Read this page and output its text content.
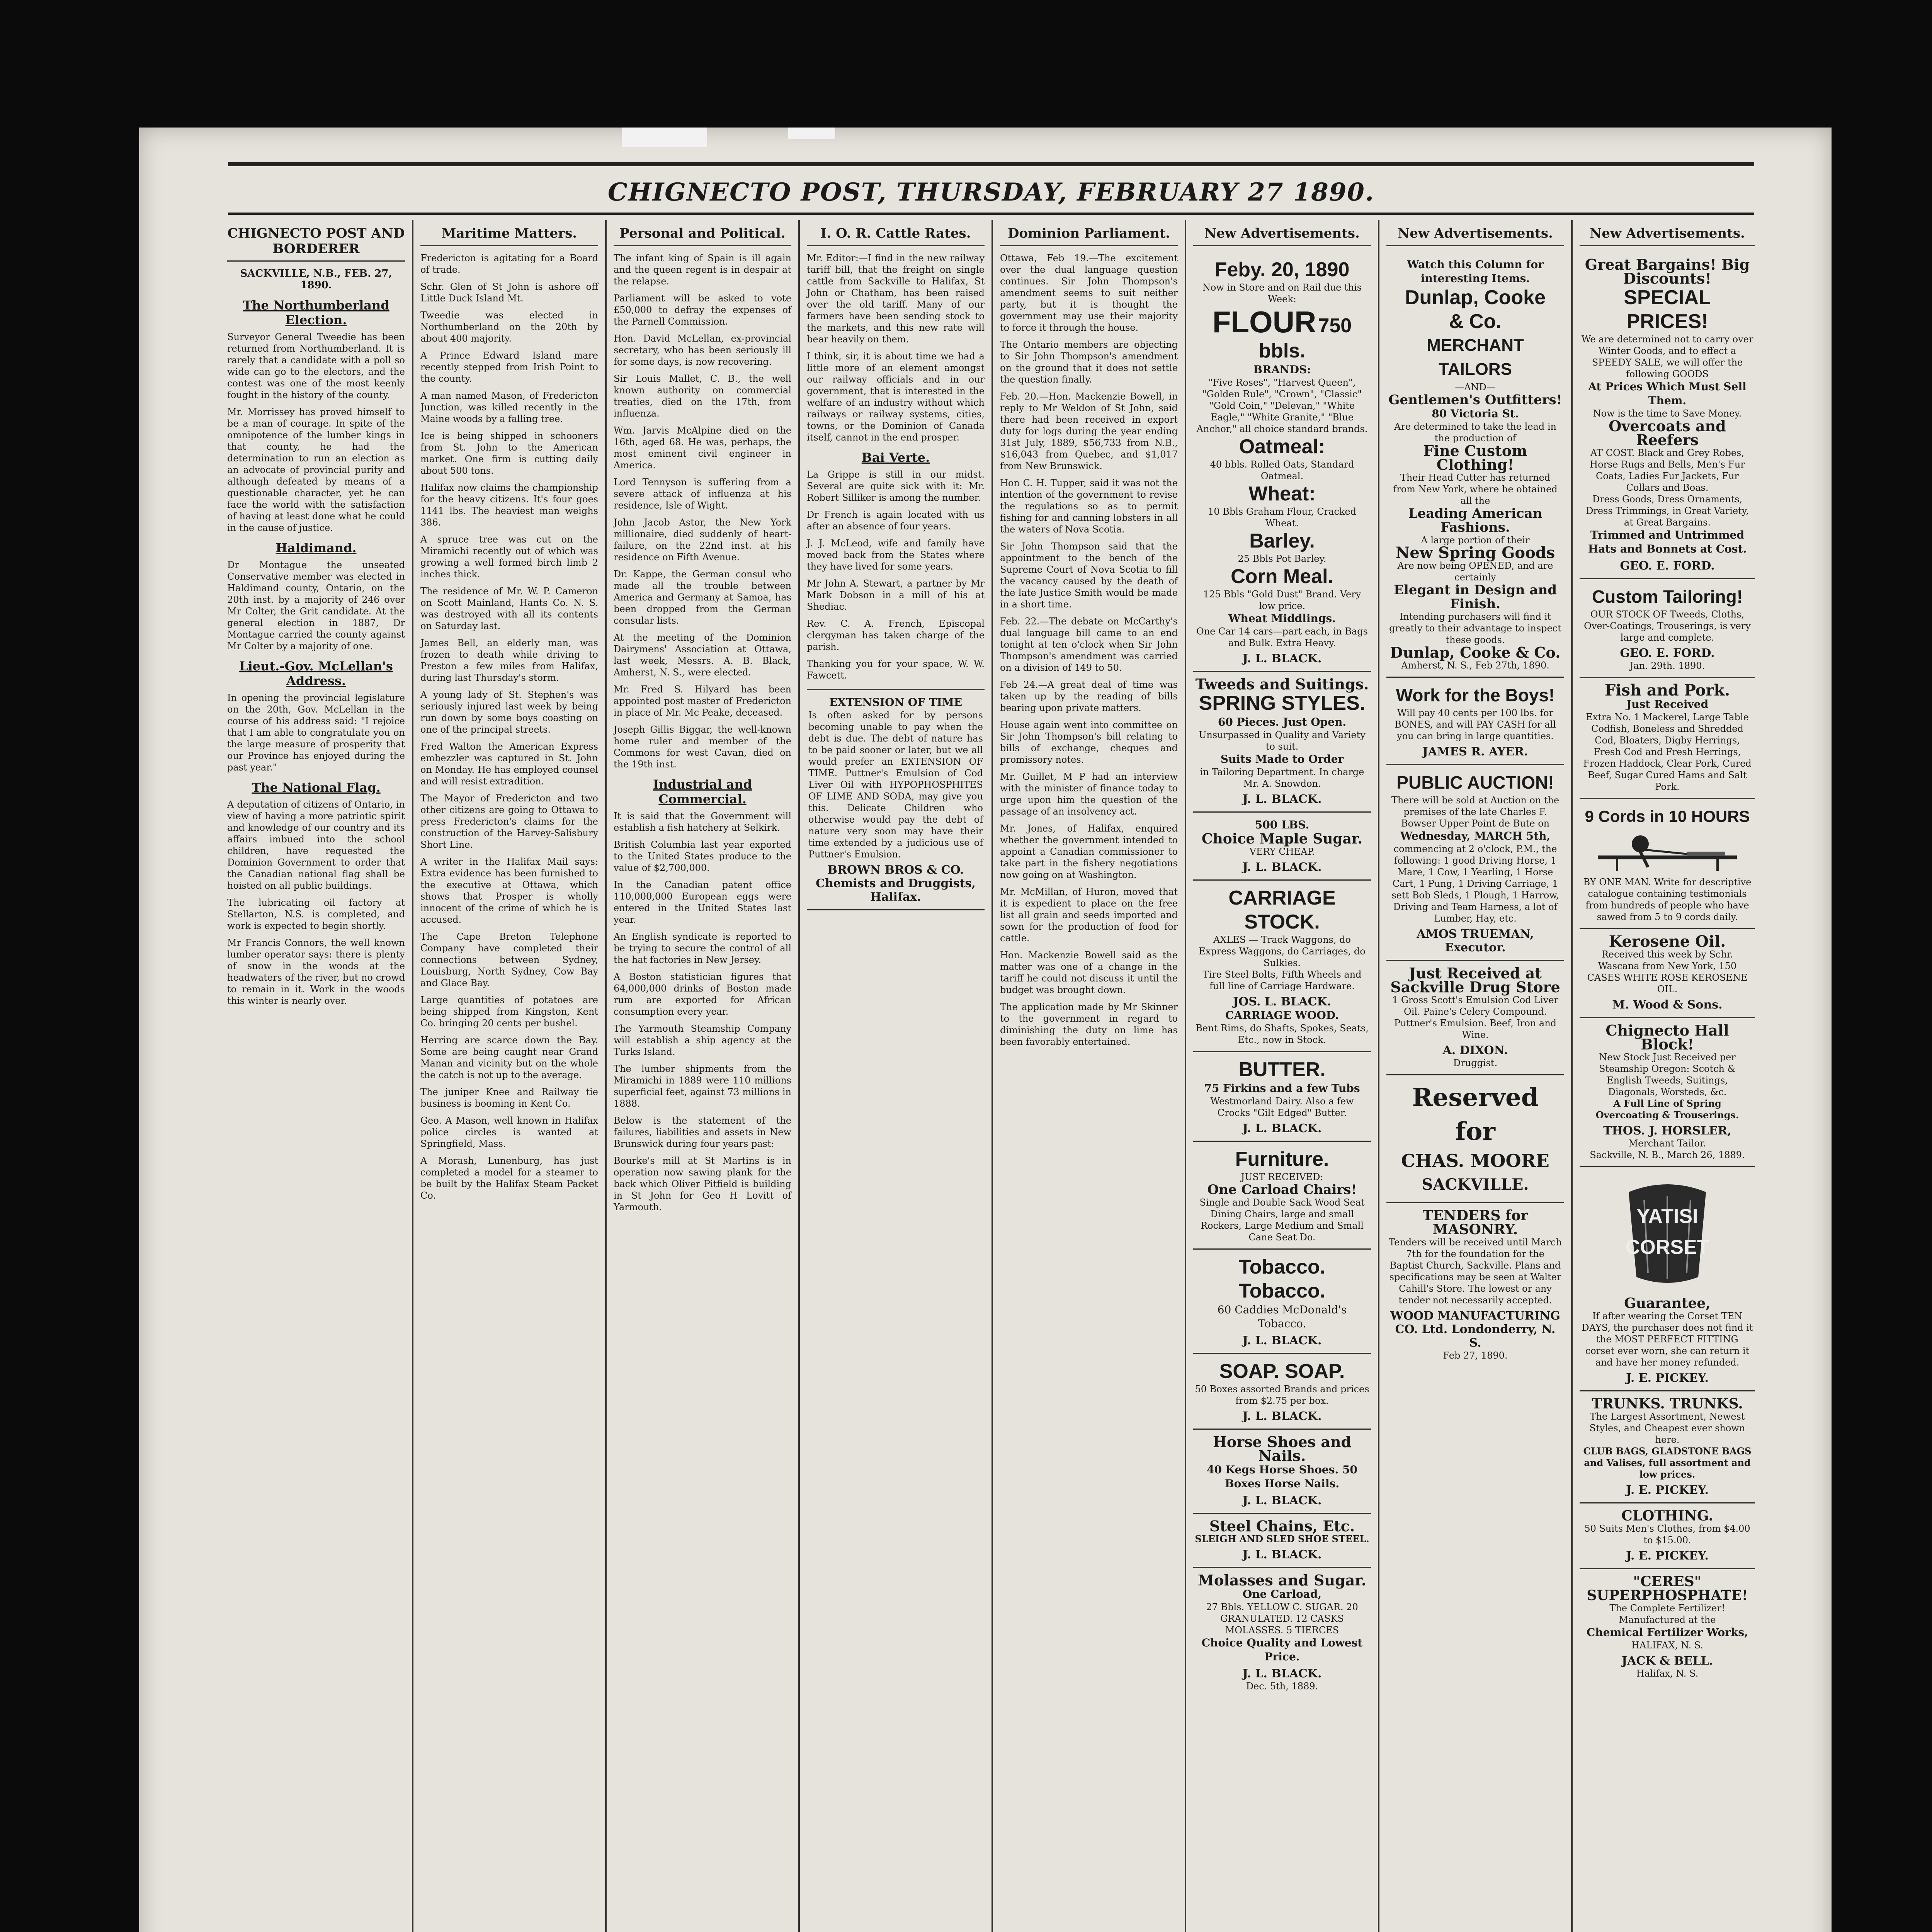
CHIGNECTO POST, THURSDAY, FEBRUARY 27 1890.
CHIGNECTO POST AND BORDERER
SACKVILLE, N.B., FEB. 27, 1890.
The Northumberland Election.

Surveyor General Tweedie has been returned from Northumberland. It is rarely that a candidate with a poll so wide can go to the electors, and the contest was one of the most keenly fought in the history of the county.

Mr. Morrissey has proved himself to be a man of courage. In spite of the omnipotence of the lumber kings in that county, he had the determination to run an election as an advocate of provincial purity and although defeated by means of a questionable character, yet he can face the world with the satisfaction of having at least done what he could in the cause of justice.

Haldimand.

Dr Montague the unseated Conservative member was elected in Haldimand county, Ontario, on the 20th inst. by a majority of 246 over Mr Colter, the Grit candidate. At the general election in 1887, Dr Montague carried the county against Mr Colter by a majority of one.

Lieut.-Gov. McLellan's Address.

In opening the provincial legislature on the 20th, Gov. McLellan in the course of his address said: "I rejoice that I am able to congratulate you on the large measure of prosperity that our Province has enjoyed during the past year."

The National Flag.

A deputation of citizens of Ontario, in view of having a more patriotic spirit and knowledge of our country and its affairs imbued into the school children, have requested the Dominion Government to order that the Canadian national flag shall be hoisted on all public buildings.

The lubricating oil factory at Stellarton, N.S. is completed, and work is expected to begin shortly.

Mr Francis Connors, the well known lumber operator says: there is plenty of snow in the woods at the headwaters of the river, but no crowd to remain in it. Work in the woods this winter is nearly over.

Maritime Matters.

Fredericton is agitating for a Board of trade.

Schr. Glen of St John is ashore off Little Duck Island Mt.

Tweedie was elected in Northumberland on the 20th by about 400 majority.

A Prince Edward Island mare recently stepped from Irish Point to the county.

A man named Mason, of Fredericton Junction, was killed recently in the Maine woods by a falling tree.

Ice is being shipped in schooners from St. John to the American market. One firm is cutting daily about 500 tons.

Halifax now claims the championship for the heavy citizens. It's four goes 1141 lbs. The heaviest man weighs 386.

A spruce tree was cut on the Miramichi recently out of which was growing a well formed birch limb 2 inches thick.

The residence of Mr. W. P. Cameron on Scott Mainland, Hants Co. N. S. was destroyed with all its contents on Saturday last.

James Bell, an elderly man, was frozen to death while driving to Preston a few miles from Halifax, during last Thursday's storm.

A young lady of St. Stephen's was seriously injured last week by being run down by some boys coasting on one of the principal streets.

Fred Walton the American Express embezzler was captured in St. John on Monday. He has employed counsel and will resist extradition.

The Mayor of Fredericton and two other citizens are going to Ottawa to press Fredericton's claims for the construction of the Harvey-Salisbury Short Line.

A writer in the Halifax Mail says: Extra evidence has been furnished to the executive at Ottawa, which shows that Prosper is wholly innocent of the crime of which he is accused.

The Cape Breton Telephone Company have completed their connections between Sydney, Louisburg, North Sydney, Cow Bay and Glace Bay.

Large quantities of potatoes are being shipped from Kingston, Kent Co. bringing 20 cents per bushel.

Herring are scarce down the Bay. Some are being caught near Grand Manan and vicinity but on the whole the catch is not up to the average.

The juniper Knee and Railway tie business is booming in Kent Co.

Geo. A Mason, well known in Halifax police circles is wanted at Springfield, Mass.

A Morash, Lunenburg, has just completed a model for a steamer to be built by the Halifax Steam Packet Co.

Personal and Political.

The infant king of Spain is ill again and the queen regent is in despair at the relapse.

Parliament will be asked to vote £50,000 to defray the expenses of the Parnell Commission.

Hon. David McLellan, ex-provincial secretary, who has been seriously ill for some days, is now recovering.

Sir Louis Mallet, C. B., the well known authority on commercial treaties, died on the 17th, from influenza.

Wm. Jarvis McAlpine died on the 16th, aged 68. He was, perhaps, the most eminent civil engineer in America.

Lord Tennyson is suffering from a severe attack of influenza at his residence, Isle of Wight.

John Jacob Astor, the New York millionaire, died suddenly of heart-failure, on the 22nd inst. at his residence on Fifth Avenue.

Dr. Kappe, the German consul who made all the trouble between America and Germany at Samoa, has been dropped from the German consular lists.

At the meeting of the Dominion Dairymens' Association at Ottawa, last week, Messrs. A. B. Black, Amherst, N. S., were elected.

Mr. Fred S. Hilyard has been appointed post master of Fredericton in place of Mr. Mc Peake, deceased.

Joseph Gillis Biggar, the well-known home ruler and member of the Commons for west Cavan, died on the 19th inst.

Industrial and Commercial.

It is said that the Government will establish a fish hatchery at Selkirk.

British Columbia last year exported to the United States produce to the value of $2,700,000.

In the Canadian patent office 110,000,000 European eggs were entered in the United States last year.

An English syndicate is reported to be trying to secure the control of all the hat factories in New Jersey.

A Boston statistician figures that 64,000,000 drinks of Boston made rum are exported for African consumption every year.

The Yarmouth Steamship Company will establish a ship agency at the Turks Island.

The lumber shipments from the Miramichi in 1889 were 110 millions superficial feet, against 73 millions in 1888.

Below is the statement of the failures, liabilities and assets in New Brunswick during four years past:

Bourke's mill at St Martins is in operation now sawing plank for the back which Oliver Pitfield is building in St John for Geo H Lovitt of Yarmouth.

I. O. R. Cattle Rates.

Mr. Editor:—I find in the new railway tariff bill, that the freight on single cattle from Sackville to Halifax, St John or Chatham, has been raised over the old tariff. Many of our farmers have been sending stock to the markets, and this new rate will bear heavily on them.

I think, sir, it is about time we had a little more of an element amongst our railway officials and in our government, that is interested in the welfare of an industry without which railways or railway systems, cities, towns, or the Dominion of Canada itself, cannot in the end prosper.

Bai Verte.

La Grippe is still in our midst. Several are quite sick with it: Mr. Robert Silliker is among the number.

Dr French is again located with us after an absence of four years.

J. J. McLeod, wife and family have moved back from the States where they have lived for some years.

Mr John A. Stewart, a partner by Mr Mark Dobson in a mill of his at Shediac.

Rev. C. A. French, Episcopal clergyman has taken charge of the parish.

Thanking you for your space, W. W. Fawcett.

EXTENSION OF TIME
Is often asked for by persons becoming unable to pay when the debt is due. The debt of nature has to be paid sooner or later, but we all would prefer an EXTENSION OF TIME. Puttner's Emulsion of Cod Liver Oil with HYPOPHOSPHITES OF LIME AND SODA, may give you this. Delicate Children who otherwise would pay the debt of nature very soon may have their time extended by a judicious use of Puttner's Emulsion.
BROWN BROS & CO. Chemists and Druggists, Halifax.
Dominion Parliament.

Ottawa, Feb 19.—The excitement over the dual language question continues. Sir John Thompson's amendment seems to suit neither party, but it is thought the government may use their majority to force it through the house.

The Ontario members are objecting to Sir John Thompson's amendment on the ground that it does not settle the question finally.

Feb. 20.—Hon. Mackenzie Bowell, in reply to Mr Weldon of St John, said there had been received in export duty for logs during the year ending 31st July, 1889, $56,733 from N.B., $16,043 from Quebec, and $1,017 from New Brunswick.

Hon C. H. Tupper, said it was not the intention of the government to revise the regulations so as to permit fishing for and canning lobsters in all the waters of Nova Scotia.

Sir John Thompson said that the appointment to the bench of the Supreme Court of Nova Scotia to fill the vacancy caused by the death of the late Justice Smith would be made in a short time.

Feb. 22.—The debate on McCarthy's dual language bill came to an end tonight at ten o'clock when Sir John Thompson's amendment was carried on a division of 149 to 50.

Feb 24.—A great deal of time was taken up by the reading of bills bearing upon private matters.

House again went into committee on Sir John Thompson's bill relating to bills of exchange, cheques and promissory notes.

Mr. Guillet, M P had an interview with the minister of finance today to urge upon him the question of the passage of an insolvency act.

Mr. Jones, of Halifax, enquired whether the government intended to appoint a Canadian commissioner to take part in the fishery negotiations now going on at Washington.

Mr. McMillan, of Huron, moved that it is expedient to place on the free list all grain and seeds imported and sown for the production of food for cattle.

Hon. Mackenzie Bowell said as the matter was one of a change in the tariff he could not discuss it until the budget was brought down.

The application made by Mr Skinner to the government in regard to diminishing the duty on lime has been favorably entertained.

New Advertisements.
Feby. 20, 1890
Now in Store and on Rail due this Week:
FLOUR 750 bbls.
BRANDS:
"Five Roses", "Harvest Queen", "Golden Rule", "Crown", "Classic"
"Gold Coin," "Delevan," "White Eagle," "White Granite," "Blue Anchor," all choice standard brands.
Oatmeal:
40 bbls. Rolled Oats, Standard Oatmeal.
Wheat:
10 Bbls Graham Flour, Cracked Wheat.
Barley.
25 Bbls Pot Barley.
Corn Meal.
125 Bbls "Gold Dust" Brand. Very low price.
Wheat Middlings.
One Car 14 cars—part each, in Bags and Bulk. Extra Heavy.
J. L. BLACK.
Tweeds and Suitings.
SPRING STYLES.
60 Pieces. Just Open.
Unsurpassed in Quality and Variety to suit.
Suits Made to Order
in Tailoring Department. In charge Mr. A. Snowdon.
J. L. BLACK.
500 LBS.
Choice Maple Sugar.
VERY CHEAP.
J. L. BLACK.
CARRIAGE STOCK.
AXLES — Track Waggons, do Express Waggons, do Carriages, do Sulkies.
Tire Steel Bolts, Fifth Wheels and full line of Carriage Hardware.
JOS. L. BLACK.
CARRIAGE WOOD.
Bent Rims, do Shafts, Spokes, Seats, Etc., now in Stock.
BUTTER.
75 Firkins and a few Tubs
Westmorland Dairy. Also a few Crocks "Gilt Edged" Butter.
J. L. BLACK.
Furniture.
JUST RECEIVED:
One Carload Chairs!
Single and Double Sack Wood Seat Dining Chairs, large and small Rockers, Large Medium and Small Cane Seat Do.
Tobacco. Tobacco.
60 Caddies McDonald's Tobacco.
J. L. BLACK.
SOAP. SOAP.
50 Boxes assorted Brands and prices from $2.75 per box.
J. L. BLACK.
Horse Shoes and Nails.
40 Kegs Horse Shoes. 50 Boxes Horse Nails.
J. L. BLACK.
Steel Chains, Etc.
SLEIGH AND SLED SHOE STEEL.
J. L. BLACK.
Molasses and Sugar.
One Carload,
27 Bbls. YELLOW C. SUGAR. 20 GRANULATED. 12 CASKS MOLASSES. 5 TIERCES
Choice Quality and Lowest Price.
J. L. BLACK.
Dec. 5th, 1889.
New Advertisements.
Watch this Column for interesting Items.
Dunlap, Cooke
& Co.
MERCHANT TAILORS
—AND—
Gentlemen's Outfitters!
80 Victoria St.
Are determined to take the lead in the production of
Fine Custom Clothing!
Their Head Cutter has returned from New York, where he obtained all the
Leading American Fashions.
A large portion of their
New Spring Goods
Are now being OPENED, and are certainly
Elegant in Design and Finish.
Intending purchasers will find it greatly to their advantage to inspect these goods.
Dunlap, Cooke & Co.
Amherst, N. S., Feb 27th, 1890.
Work for the Boys!
Will pay 40 cents per 100 lbs. for BONES, and will PAY CASH for all you can bring in large quantities.
JAMES R. AYER.
PUBLIC AUCTION!
There will be sold at Auction on the premises of the late Charles F. Bowser Upper Point de Bute on
Wednesday, MARCH 5th,
commencing at 2 o'clock, P.M., the following: 1 good Driving Horse, 1 Mare, 1 Cow, 1 Yearling, 1 Horse Cart, 1 Pung, 1 Driving Carriage, 1 sett Bob Sleds, 1 Plough, 1 Harrow, Driving and Team Harness, a lot of Lumber, Hay, etc.
AMOS TRUEMAN, Executor.
Just Received at Sackville Drug Store
1 Gross Scott's Emulsion Cod Liver Oil. Paine's Celery Compound. Puttner's Emulsion. Beef, Iron and Wine.
A. DIXON.
Druggist.
Reserved for
CHAS. MOORE
SACKVILLE.
TENDERS for MASONRY.
Tenders will be received until March 7th for the foundation for the Baptist Church, Sackville. Plans and specifications may be seen at Walter Cahill's Store. The lowest or any tender not necessarily accepted.
WOOD MANUFACTURING CO. Ltd. Londonderry, N. S.
Feb 27, 1890.
New Advertisements.
Great Bargains! Big Discounts!
SPECIAL PRICES!
We are determined not to carry over Winter Goods, and to effect a SPEEDY SALE, we will offer the following GOODS
At Prices Which Must Sell Them.
Now is the time to Save Money.
Overcoats and Reefers
AT COST. Black and Grey Robes, Horse Rugs and Bells, Men's Fur Coats, Ladies Fur Jackets, Fur Collars and Boas.
Dress Goods, Dress Ornaments, Dress Trimmings, in Great Variety, at Great Bargains.
Trimmed and Untrimmed Hats and Bonnets at Cost.
GEO. E. FORD.
Custom Tailoring!
OUR STOCK OF Tweeds, Cloths, Over-Coatings, Trouserings, is very large and complete.
GEO. E. FORD.
Jan. 29th. 1890.
Fish and Pork.
Just Received
Extra No. 1 Mackerel, Large Table Codfish, Boneless and Shredded Cod, Bloaters, Digby Herrings, Fresh Cod and Fresh Herrings, Frozen Haddock, Clear Pork, Cured Beef, Sugar Cured Hams and Salt Pork.
9 Cords in 10 HOURS
BY ONE MAN. Write for descriptive catalogue containing testimonials from hundreds of people who have sawed from 5 to 9 cords daily.
Kerosene Oil.
Received this week by Schr. Wascana from New York, 150 CASES WHITE ROSE KEROSENE OIL.
M. Wood & Sons.
Chignecto Hall Block!
New Stock Just Received per Steamship Oregon: Scotch & English Tweeds, Suitings, Diagonals, Worsteds, &c.
A Full Line of Spring Overcoating & Trouserings.
THOS. J. HORSLER,
Merchant Tailor.
Sackville, N. B., March 26, 1889.
YATISI
CORSET
Guarantee,
If after wearing the Corset TEN DAYS, the purchaser does not find it the MOST PERFECT FITTING corset ever worn, she can return it and have her money refunded.
J. E. PICKEY.
TRUNKS. TRUNKS.
The Largest Assortment, Newest Styles, and Cheapest ever shown here.
CLUB BAGS, GLADSTONE BAGS and Valises, full assortment and low prices.
J. E. PICKEY.
CLOTHING.
50 Suits Men's Clothes, from $4.00 to $15.00.
J. E. PICKEY.
"CERES"
SUPERPHOSPHATE!
The Complete Fertilizer! Manufactured at the
Chemical Fertilizer Works,
HALIFAX, N. S.
JACK & BELL.
Halifax, N. S.
